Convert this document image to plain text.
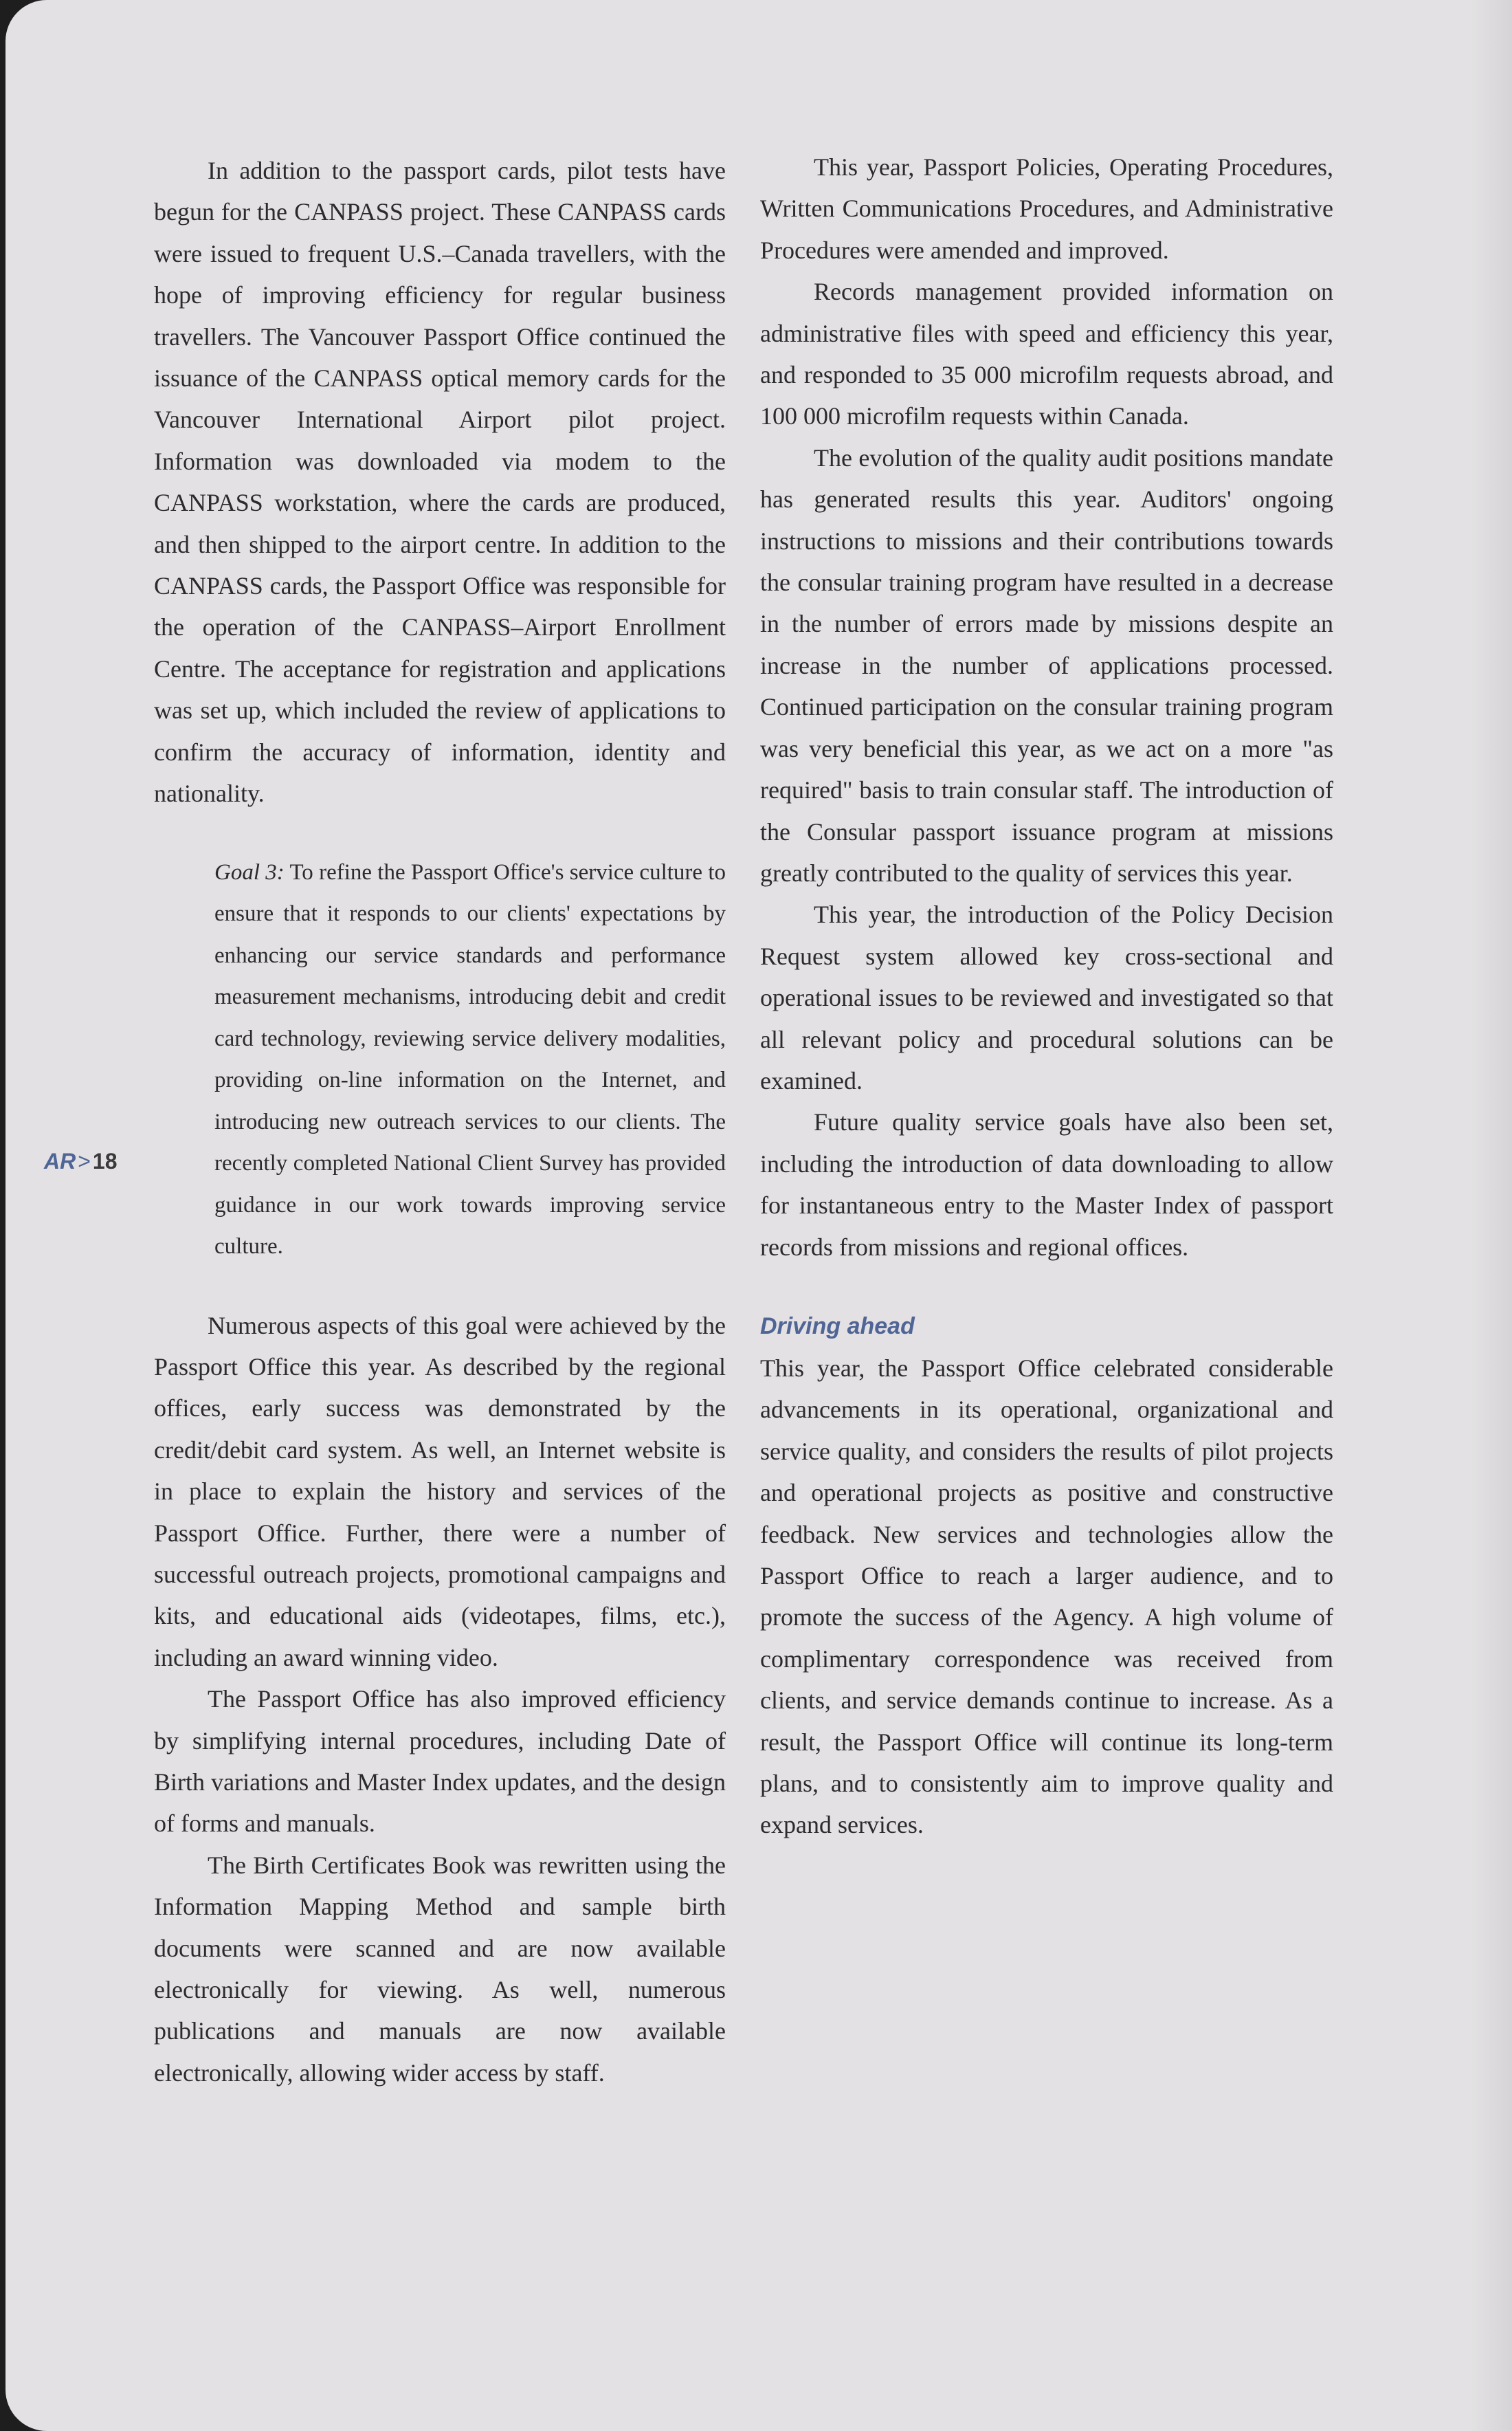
AR>18

In addition to the passport cards, pilot tests have begun for the CANPASS project. These CANPASS cards were issued to frequent U.S.–Canada travellers, with the hope of improving efficiency for regular business travellers. The Vancouver Passport Office continued the issuance of the CANPASS optical memory cards for the Vancouver International Airport pilot project. Information was downloaded via modem to the CANPASS workstation, where the cards are produced, and then shipped to the airport centre. In addition to the CANPASS cards, the Passport Office was responsible for the operation of the CANPASS–Airport Enrollment Centre. The acceptance for registration and applications was set up, which included the review of applications to confirm the accuracy of information, identity and nationality.

Goal 3: To refine the Passport Office's service culture to ensure that it responds to our clients' expectations by enhancing our service standards and performance measurement mechanisms, introducing debit and credit card technology, reviewing service delivery modalities, providing on-line information on the Internet, and introducing new outreach services to our clients. The recently completed National Client Survey has provided guidance in our work towards improving service culture.

Numerous aspects of this goal were achieved by the Passport Office this year. As described by the regional offices, early success was demonstrated by the credit/debit card system. As well, an Internet website is in place to explain the history and services of the Passport Office. Further, there were a number of successful outreach projects, promotional campaigns and kits, and educational aids (videotapes, films, etc.), including an award winning video.

The Passport Office has also improved efficiency by simplifying internal procedures, including Date of Birth variations and Master Index updates, and the design of forms and manuals.

The Birth Certificates Book was rewritten using the Information Mapping Method and sample birth documents were scanned and are now available electronically for viewing. As well, numerous publications and manuals are now available electronically, allowing wider access by staff.

This year, Passport Policies, Operating Procedures, Written Communications Procedures, and Administrative Procedures were amended and improved.

Records management provided information on administrative files with speed and efficiency this year, and responded to 35 000 microfilm requests abroad, and 100 000 microfilm requests within Canada.

The evolution of the quality audit positions mandate has generated results this year. Auditors' ongoing instructions to missions and their contributions towards the consular training program have resulted in a decrease in the number of errors made by missions despite an increase in the number of applications processed. Continued participation on the consular training program was very beneficial this year, as we act on a more "as required" basis to train consular staff. The introduction of the Consular passport issuance program at missions greatly contributed to the quality of services this year.

This year, the introduction of the Policy Decision Request system allowed key cross-sectional and operational issues to be reviewed and investigated so that all relevant policy and procedural solutions can be examined.

Future quality service goals have also been set, including the introduction of data downloading to allow for instantaneous entry to the Master Index of passport records from missions and regional offices.

Driving ahead

This year, the Passport Office celebrated considerable advancements in its operational, organizational and service quality, and considers the results of pilot projects and operational projects as positive and constructive feedback. New services and technologies allow the Passport Office to reach a larger audience, and to promote the success of the Agency. A high volume of complimentary correspondence was received from clients, and service demands continue to increase. As a result, the Passport Office will continue its long-term plans, and to consistently aim to improve quality and expand services.
